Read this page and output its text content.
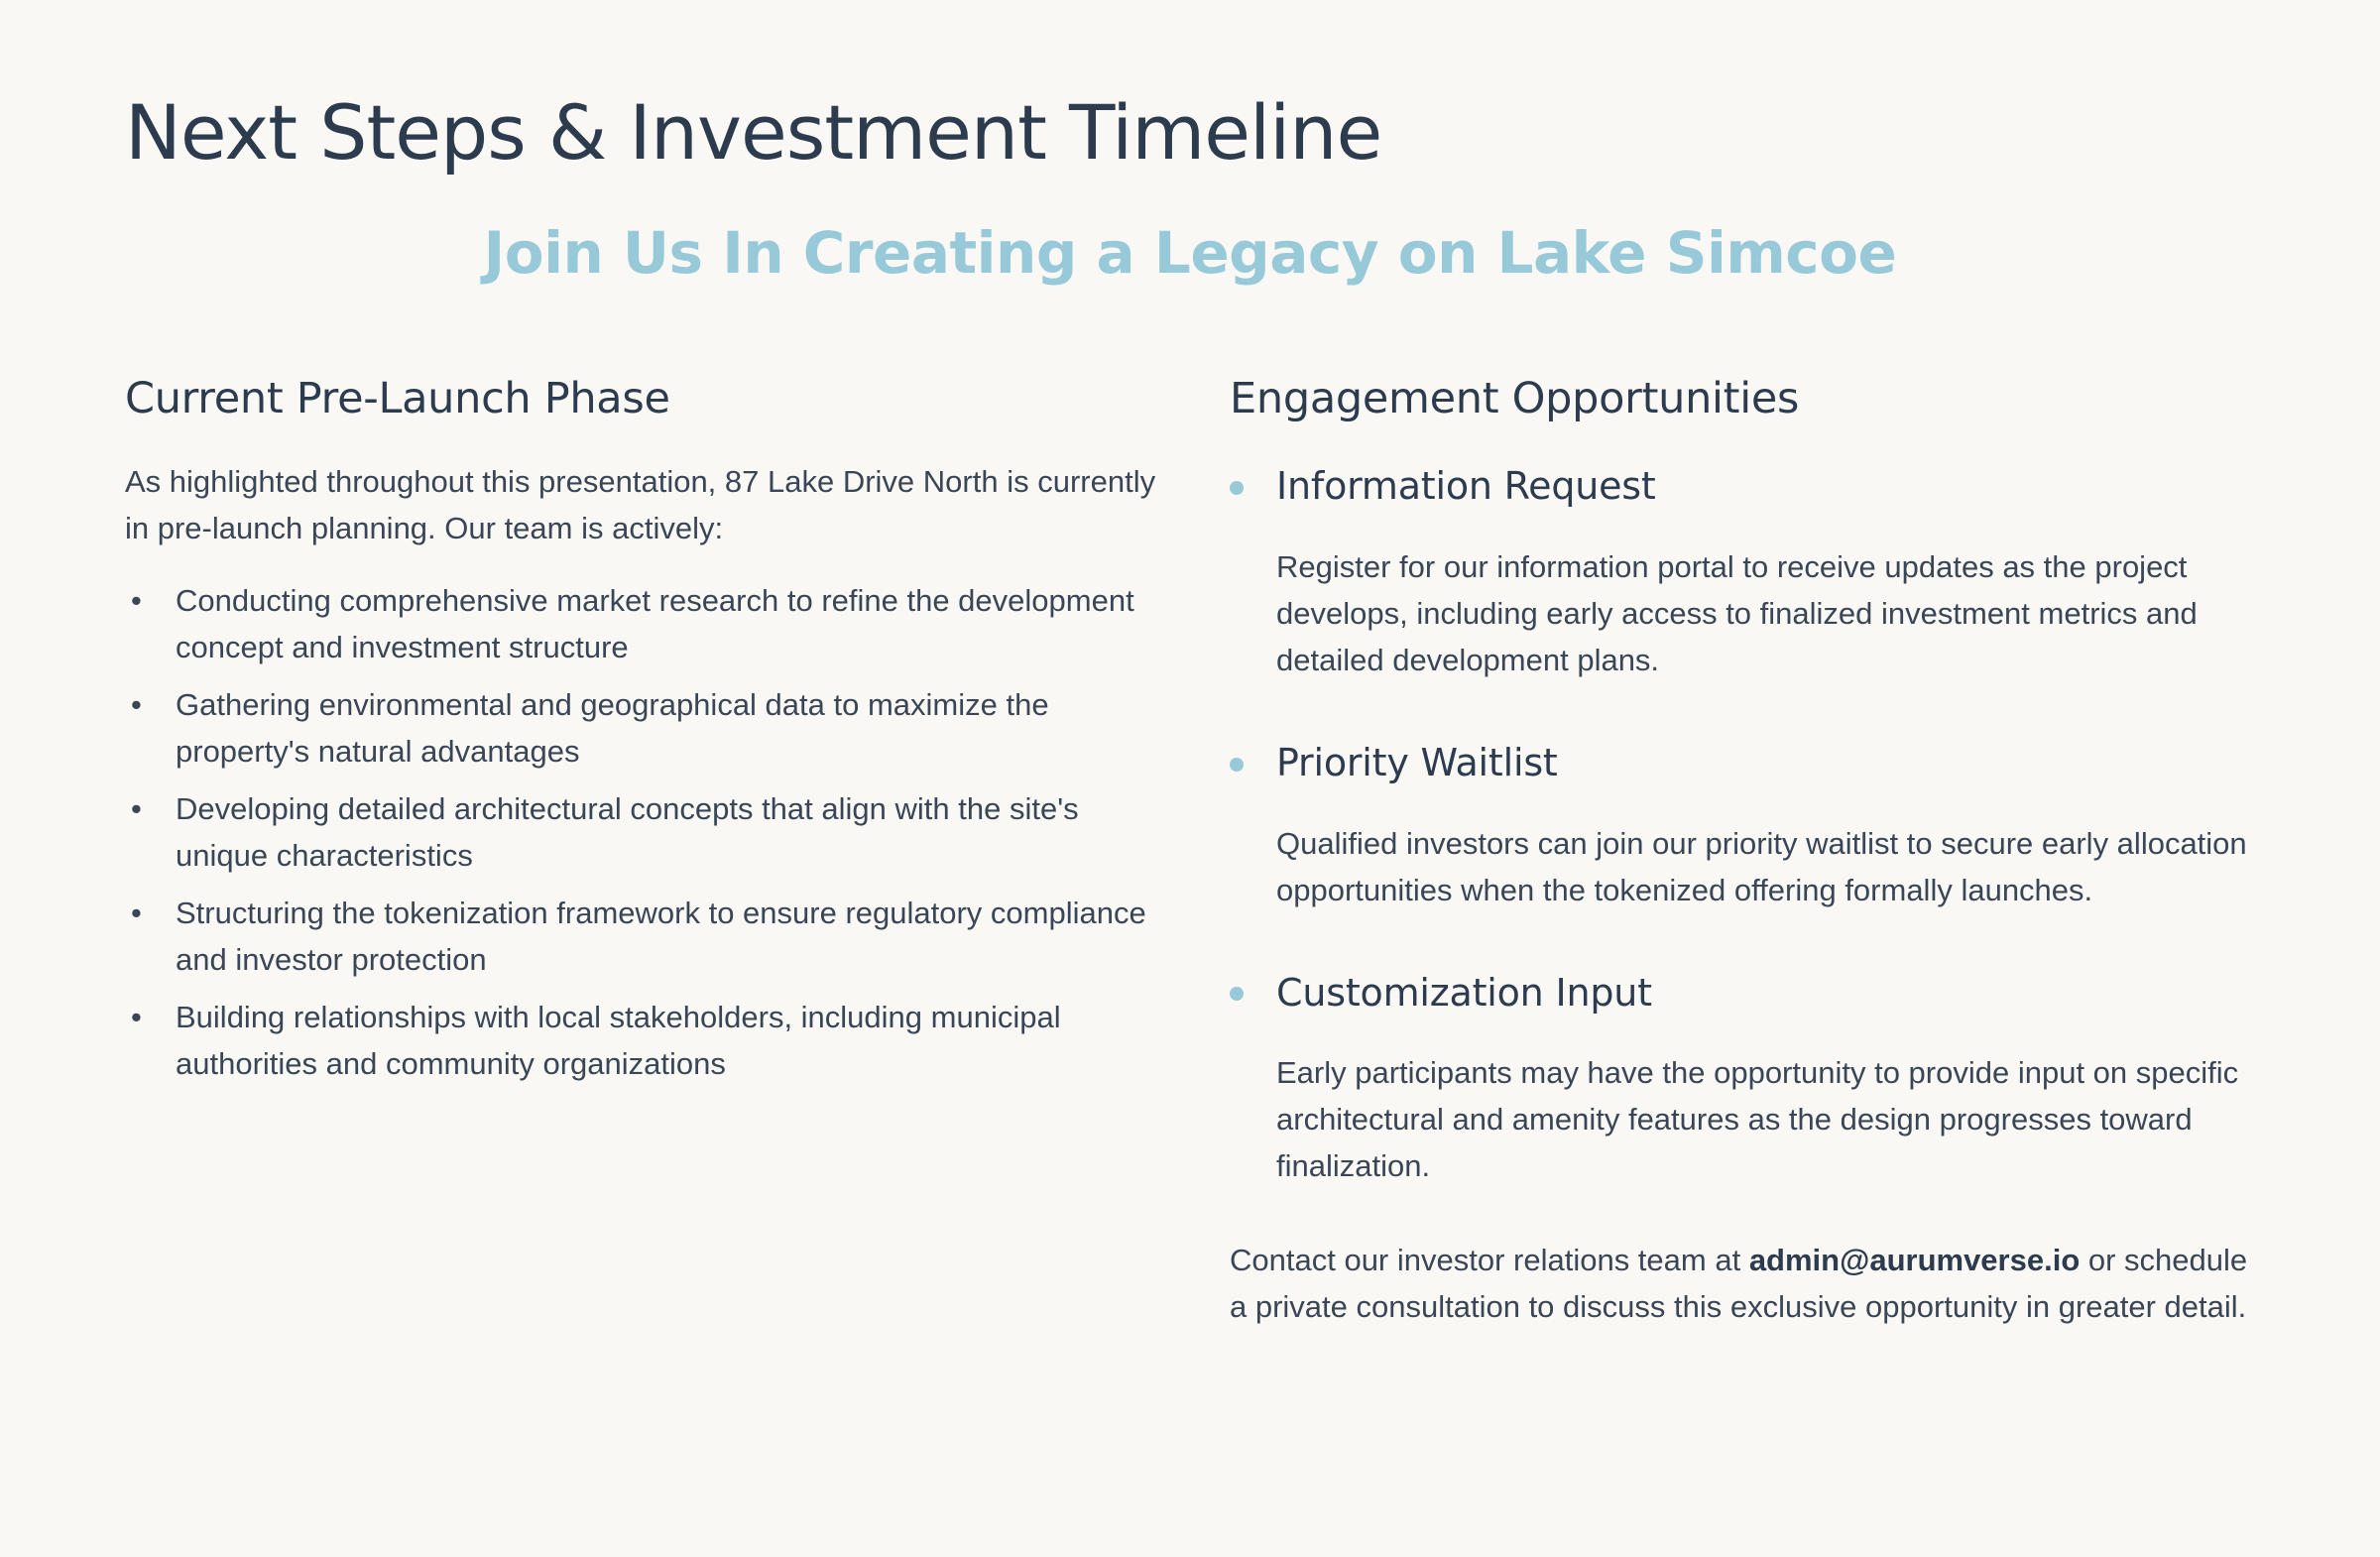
Next Steps & Investment Timeline
Join Us In Creating a Legacy on Lake Simcoe
Current Pre-Launch Phase

As highlighted throughout this presentation, 87 Lake Drive North is currently in pre-launch planning. Our team is actively:

• Conducting comprehensive market research to refine the development concept and investment structure
• Gathering environmental and geographical data to maximize the property's natural advantages
• Developing detailed architectural concepts that align with the site's unique characteristics
• Structuring the tokenization framework to ensure regulatory compliance and investor protection
• Building relationships with local stakeholders, including municipal authorities and community organizations
Engagement Opportunities
Information Request

Register for our information portal to receive updates as the project develops, including early access to finalized investment metrics and detailed development plans.

Priority Waitlist

Qualified investors can join our priority waitlist to secure early allocation opportunities when the tokenized offering formally launches.

Customization Input

Early participants may have the opportunity to provide input on specific architectural and amenity features as the design progresses toward finalization.

Contact our investor relations team at admin@aurumverse.io or schedule a private consultation to discuss this exclusive opportunity in greater detail.
